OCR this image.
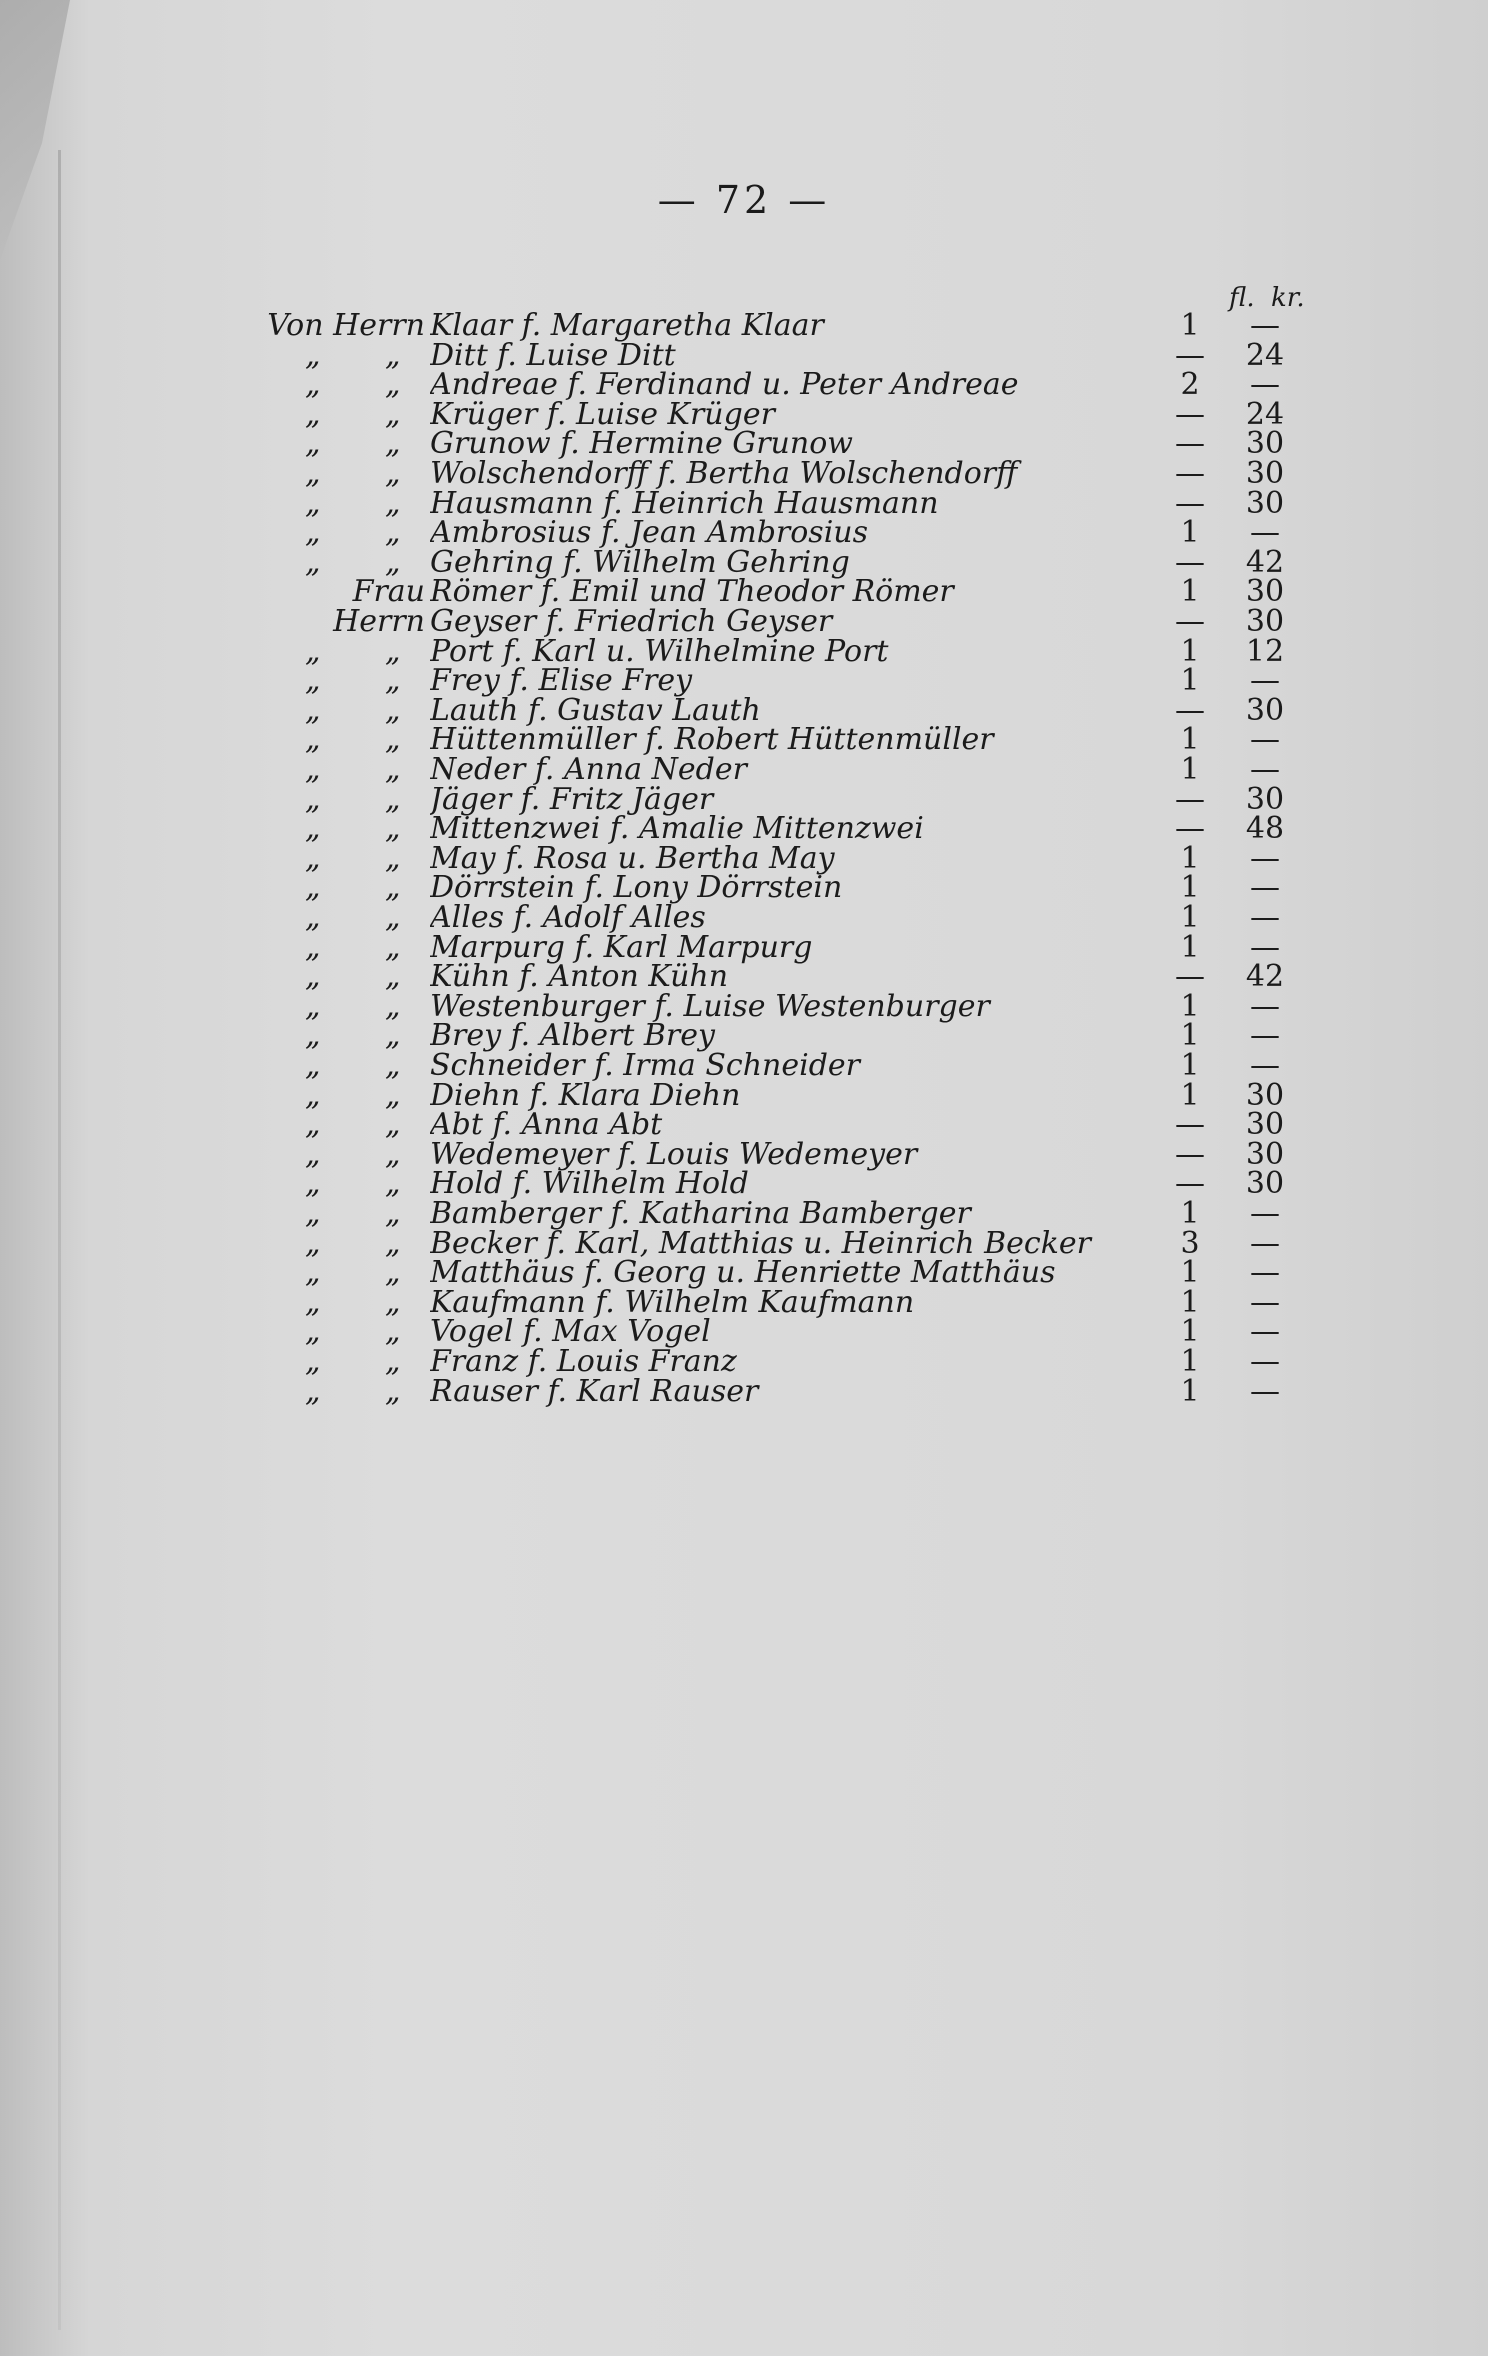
— 72 —
fl. kr.
Von Herrn Klaar f. Margaretha Klaar	1	—
„ „ Ditt f. Luise Ditt	—	24
„ „ Andreae f. Ferdinand u. Peter Andreae	2	—
„ „ Krüger f. Luise Krüger	—	24
„ „ Grunow f. Hermine Grunow	—	30
„ „ Wolschendorff f. Bertha Wolschendorff	—	30
„ „ Hausmann f. Heinrich Hausmann	—	30
„ „ Ambrosius f. Jean Ambrosius	1	—
„ „ Gehring f. Wilhelm Gehring	—	42
Frau Römer f. Emil und Theodor Römer	1	30
Herrn Geyser f. Friedrich Geyser	—	30
„ „ Port f. Karl u. Wilhelmine Port	1	12
„ „ Frey f. Elise Frey	1	—
„ „ Lauth f. Gustav Lauth	—	30
„ „ Hüttenmüller f. Robert Hüttenmüller	1	—
„ „ Neder f. Anna Neder	1	—
„ „ Jäger f. Fritz Jäger	—	30
„ „ Mittenzwei f. Amalie Mittenzwei	—	48
„ „ May f. Rosa u. Bertha May	1	—
„ „ Dörrstein f. Lony Dörrstein	1	—
„ „ Alles f. Adolf Alles	1	—
„ „ Marpurg f. Karl Marpurg	1	—
„ „ Kühn f. Anton Kühn	—	42
„ „ Westenburger f. Luise Westenburger	1	—
„ „ Brey f. Albert Brey	1	—
„ „ Schneider f. Irma Schneider	1	—
„ „ Diehn f. Klara Diehn	1	30
„ „ Abt f. Anna Abt	—	30
„ „ Wedemeyer f. Louis Wedemeyer	—	30
„ „ Hold f. Wilhelm Hold	—	30
„ „ Bamberger f. Katharina Bamberger	1	—
„ „ Becker f. Karl, Matthias u. Heinrich Becker	3	—
„ „ Matthäus f. Georg u. Henriette Matthäus	1	—
„ „ Kaufmann f. Wilhelm Kaufmann	1	—
„ „ Vogel f. Max Vogel	1	—
„ „ Franz f. Louis Franz	1	—
„ „ Rauser f. Karl Rauser	1	—
